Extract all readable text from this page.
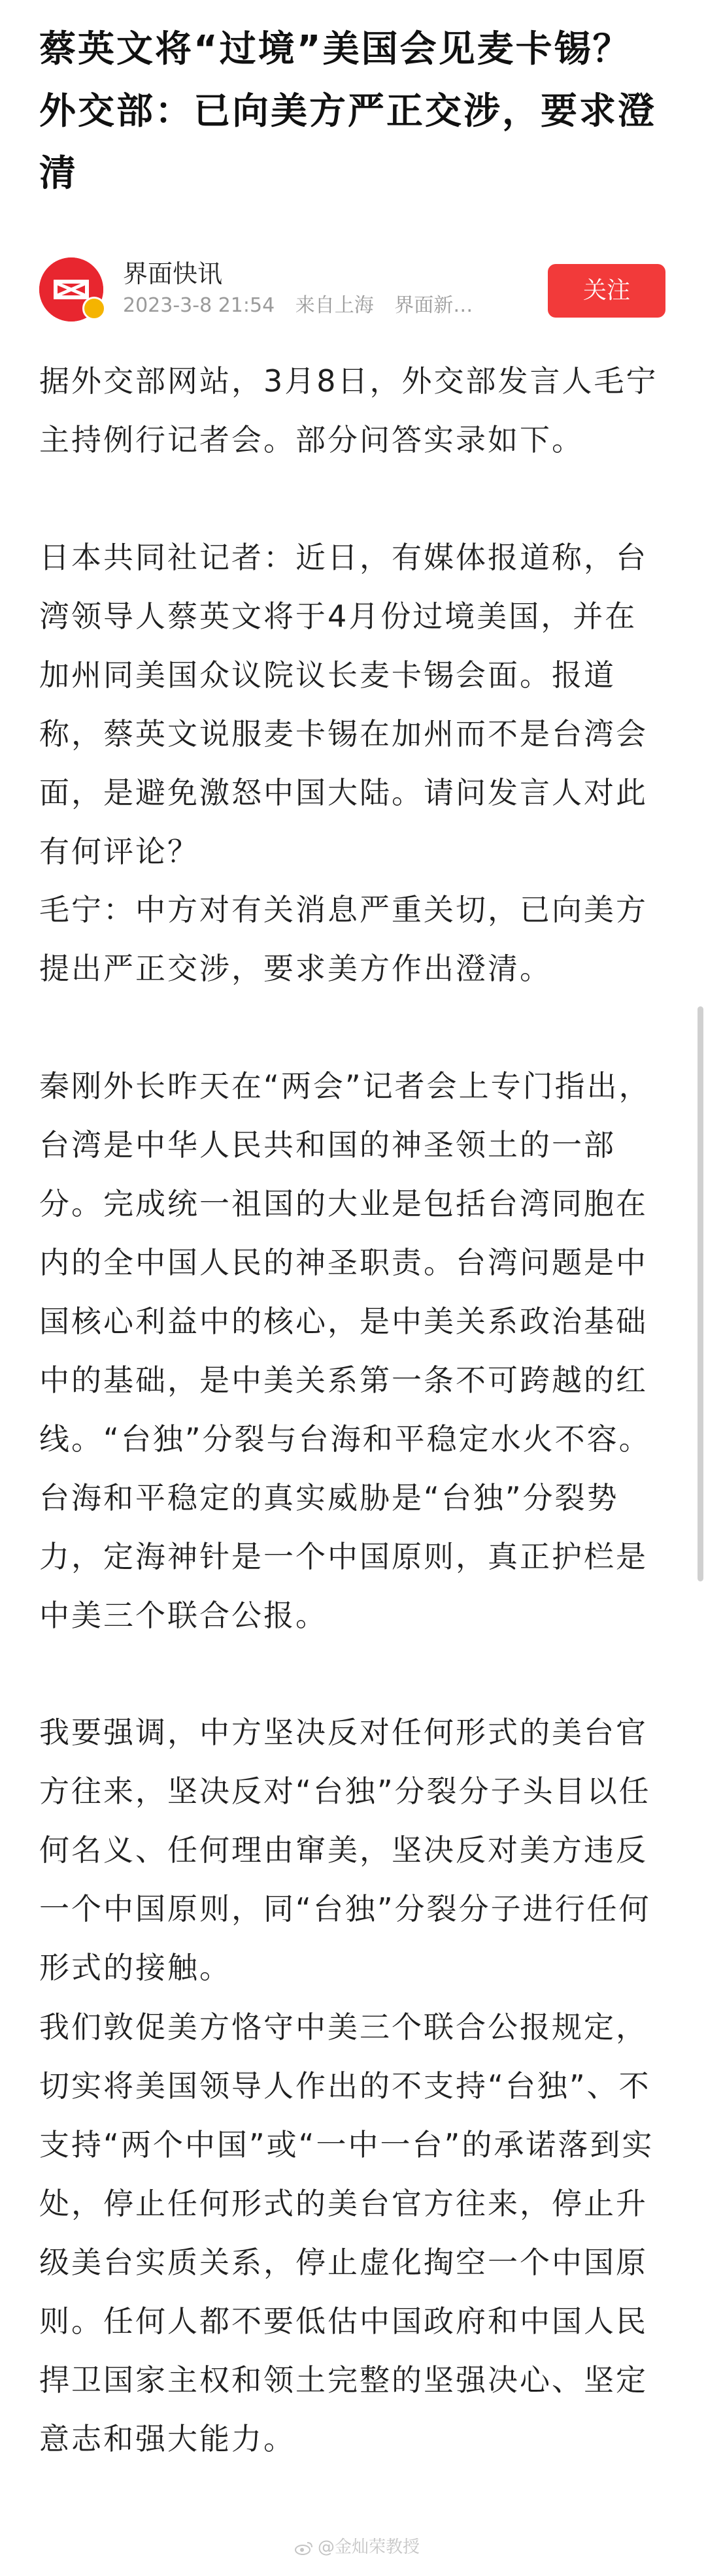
蔡英文将“过境”美国会见麦卡锡？外交部：已向美方严正交涉，要求澄清
界面快讯
2023-3-8 21:54 来自上海 界面新…
关注

据外交部网站，3月8日，外交部发言人毛宁主持例行记者会。部分问答实录如下。

日本共同社记者：近日，有媒体报道称，台湾领导人蔡英文将于4月份过境美国，并在加州同美国众议院议长麦卡锡会面。报道称，蔡英文说服麦卡锡在加州而不是台湾会面，是避免激怒中国大陆。请问发言人对此有何评论？

毛宁：中方对有关消息严重关切，已向美方提出严正交涉，要求美方作出澄清。

秦刚外长昨天在“两会”记者会上专门指出，台湾是中华人民共和国的神圣领土的一部分。完成统一祖国的大业是包括台湾同胞在内的全中国人民的神圣职责。台湾问题是中国核心利益中的核心，是中美关系政治基础中的基础，是中美关系第一条不可跨越的红线。“台独”分裂与台海和平稳定水火不容。台海和平稳定的真实威胁是“台独”分裂势力，定海神针是一个中国原则，真正护栏是中美三个联合公报。

我要强调，中方坚决反对任何形式的美台官方往来，坚决反对“台独”分裂分子头目以任何名义、任何理由窜美，坚决反对美方违反一个中国原则，同“台独”分裂分子进行任何形式的接触。

我们敦促美方恪守中美三个联合公报规定，切实将美国领导人作出的不支持“台独”、不支持“两个中国”或“一中一台”的承诺落到实处，停止任何形式的美台官方往来，停止升级美台实质关系，停止虚化掏空一个中国原则。任何人都不要低估中国政府和中国人民捍卫国家主权和领土完整的坚强决心、坚定意志和强大能力。

@金灿荣教授
